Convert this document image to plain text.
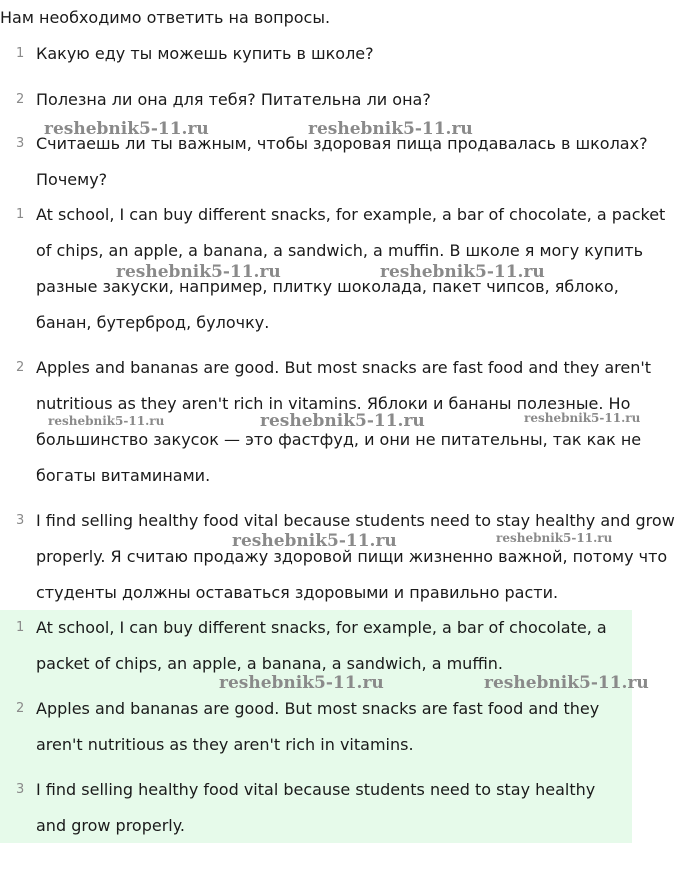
Нам необходимо ответить на вопросы.
1 Какую еду ты можешь купить в школе?
2 Полезна ли она для тебя? Питательна ли она?
3 Считаешь ли ты важным, чтобы здоровая пища продавалась в школах? Почему?
1 At school, I can buy different snacks, for example, a bar of chocolate, a packet of chips, an apple, a banana, a sandwich, a muffin. В школе я могу купить разные закуски, например, плитку шоколада, пакет чипсов, яблоко, банан, бутерброд, булочку.
2 Apples and bananas are good. But most snacks are fast food and they aren't nutritious as they aren't rich in vitamins. Яблоки и бананы полезные. Но большинство закусок — это фастфуд, и они не питательны, так как не богаты витаминами.
3 I find selling healthy food vital because students need to stay healthy and grow properly. Я считаю продажу здоровой пищи жизненно важной, потому что студенты должны оставаться здоровыми и правильно расти.
1 At school, I can buy different snacks, for example, a bar of chocolate, a packet of chips, an apple, a banana, a sandwich, a muffin.
2 Apples and bananas are good. But most snacks are fast food and they aren't nutritious as they aren't rich in vitamins.
3 I find selling healthy food vital because students need to stay healthy and grow properly.
reshebnik5-11.ru	reshebnik5-11.ru
reshebnik5-11.ru	reshebnik5-11.ru
reshebnik5-11.ru	reshebnik5-11.ru	reshebnik5-11.ru
reshebnik5-11.ru	reshebnik5-11.ru
reshebnik5-11.ru	reshebnik5-11.ru
